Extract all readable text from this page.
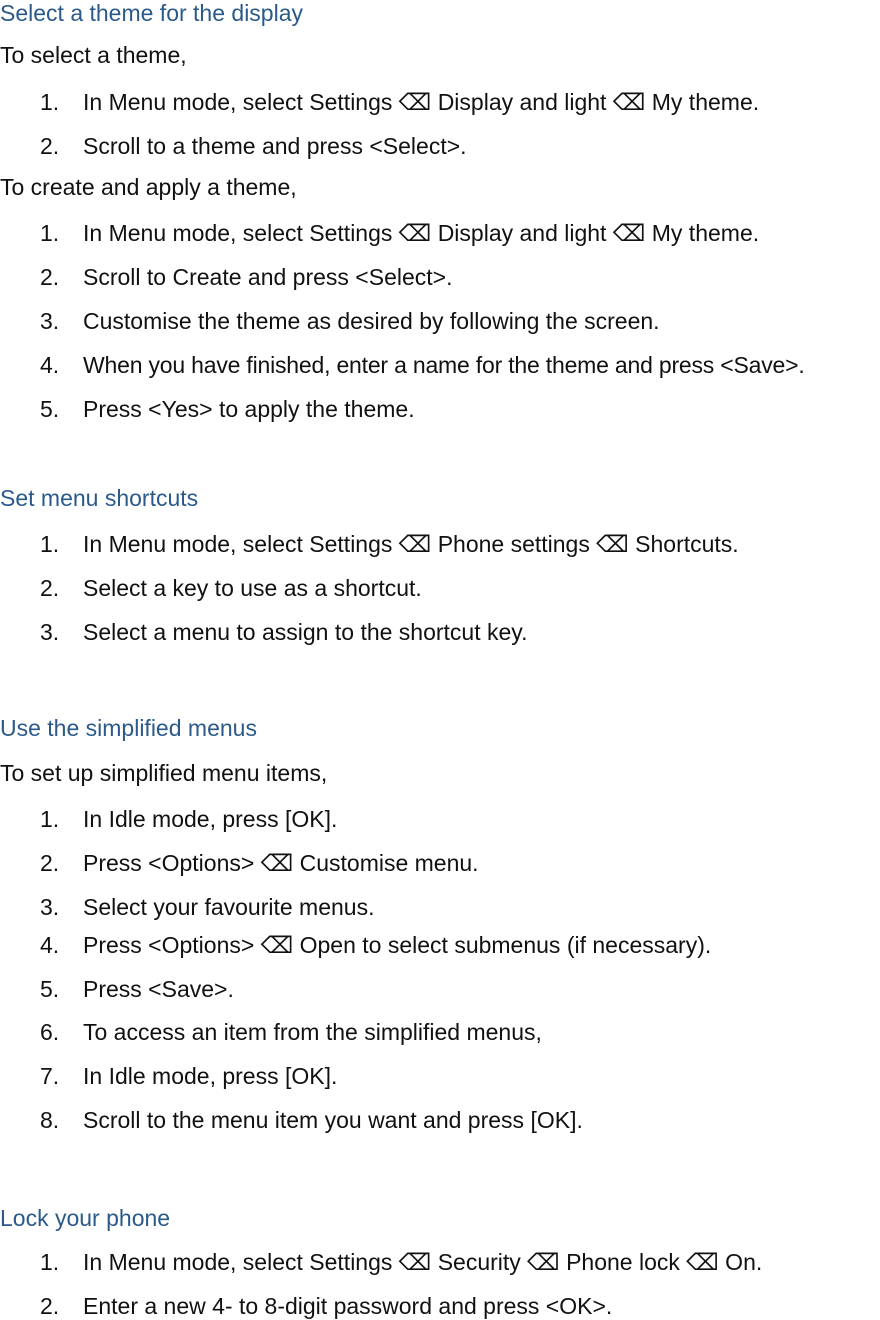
Select a theme for the display
To select a theme,
1. In Menu mode, select Settings ⌫ Display and light ⌫ My theme.
2. Scroll to a theme and press <Select>.
To create and apply a theme,
1. In Menu mode, select Settings ⌫ Display and light ⌫ My theme.
2. Scroll to Create and press <Select>.
3. Customise the theme as desired by following the screen.
4. When you have finished, enter a name for the theme and press <Save>.
5. Press <Yes> to apply the theme.
Set menu shortcuts
1. In Menu mode, select Settings ⌫ Phone settings ⌫ Shortcuts.
2. Select a key to use as a shortcut.
3. Select a menu to assign to the shortcut key.
Use the simplified menus
To set up simplified menu items,
1. In Idle mode, press [OK].
2. Press <Options> ⌫ Customise menu.
3. Select your favourite menus.
4. Press <Options> ⌫ Open to select submenus (if necessary).
5. Press <Save>.
6. To access an item from the simplified menus,
7. In Idle mode, press [OK].
8. Scroll to the menu item you want and press [OK].
Lock your phone
1. In Menu mode, select Settings ⌫ Security ⌫ Phone lock ⌫ On.
2. Enter a new 4- to 8-digit password and press <OK>.
